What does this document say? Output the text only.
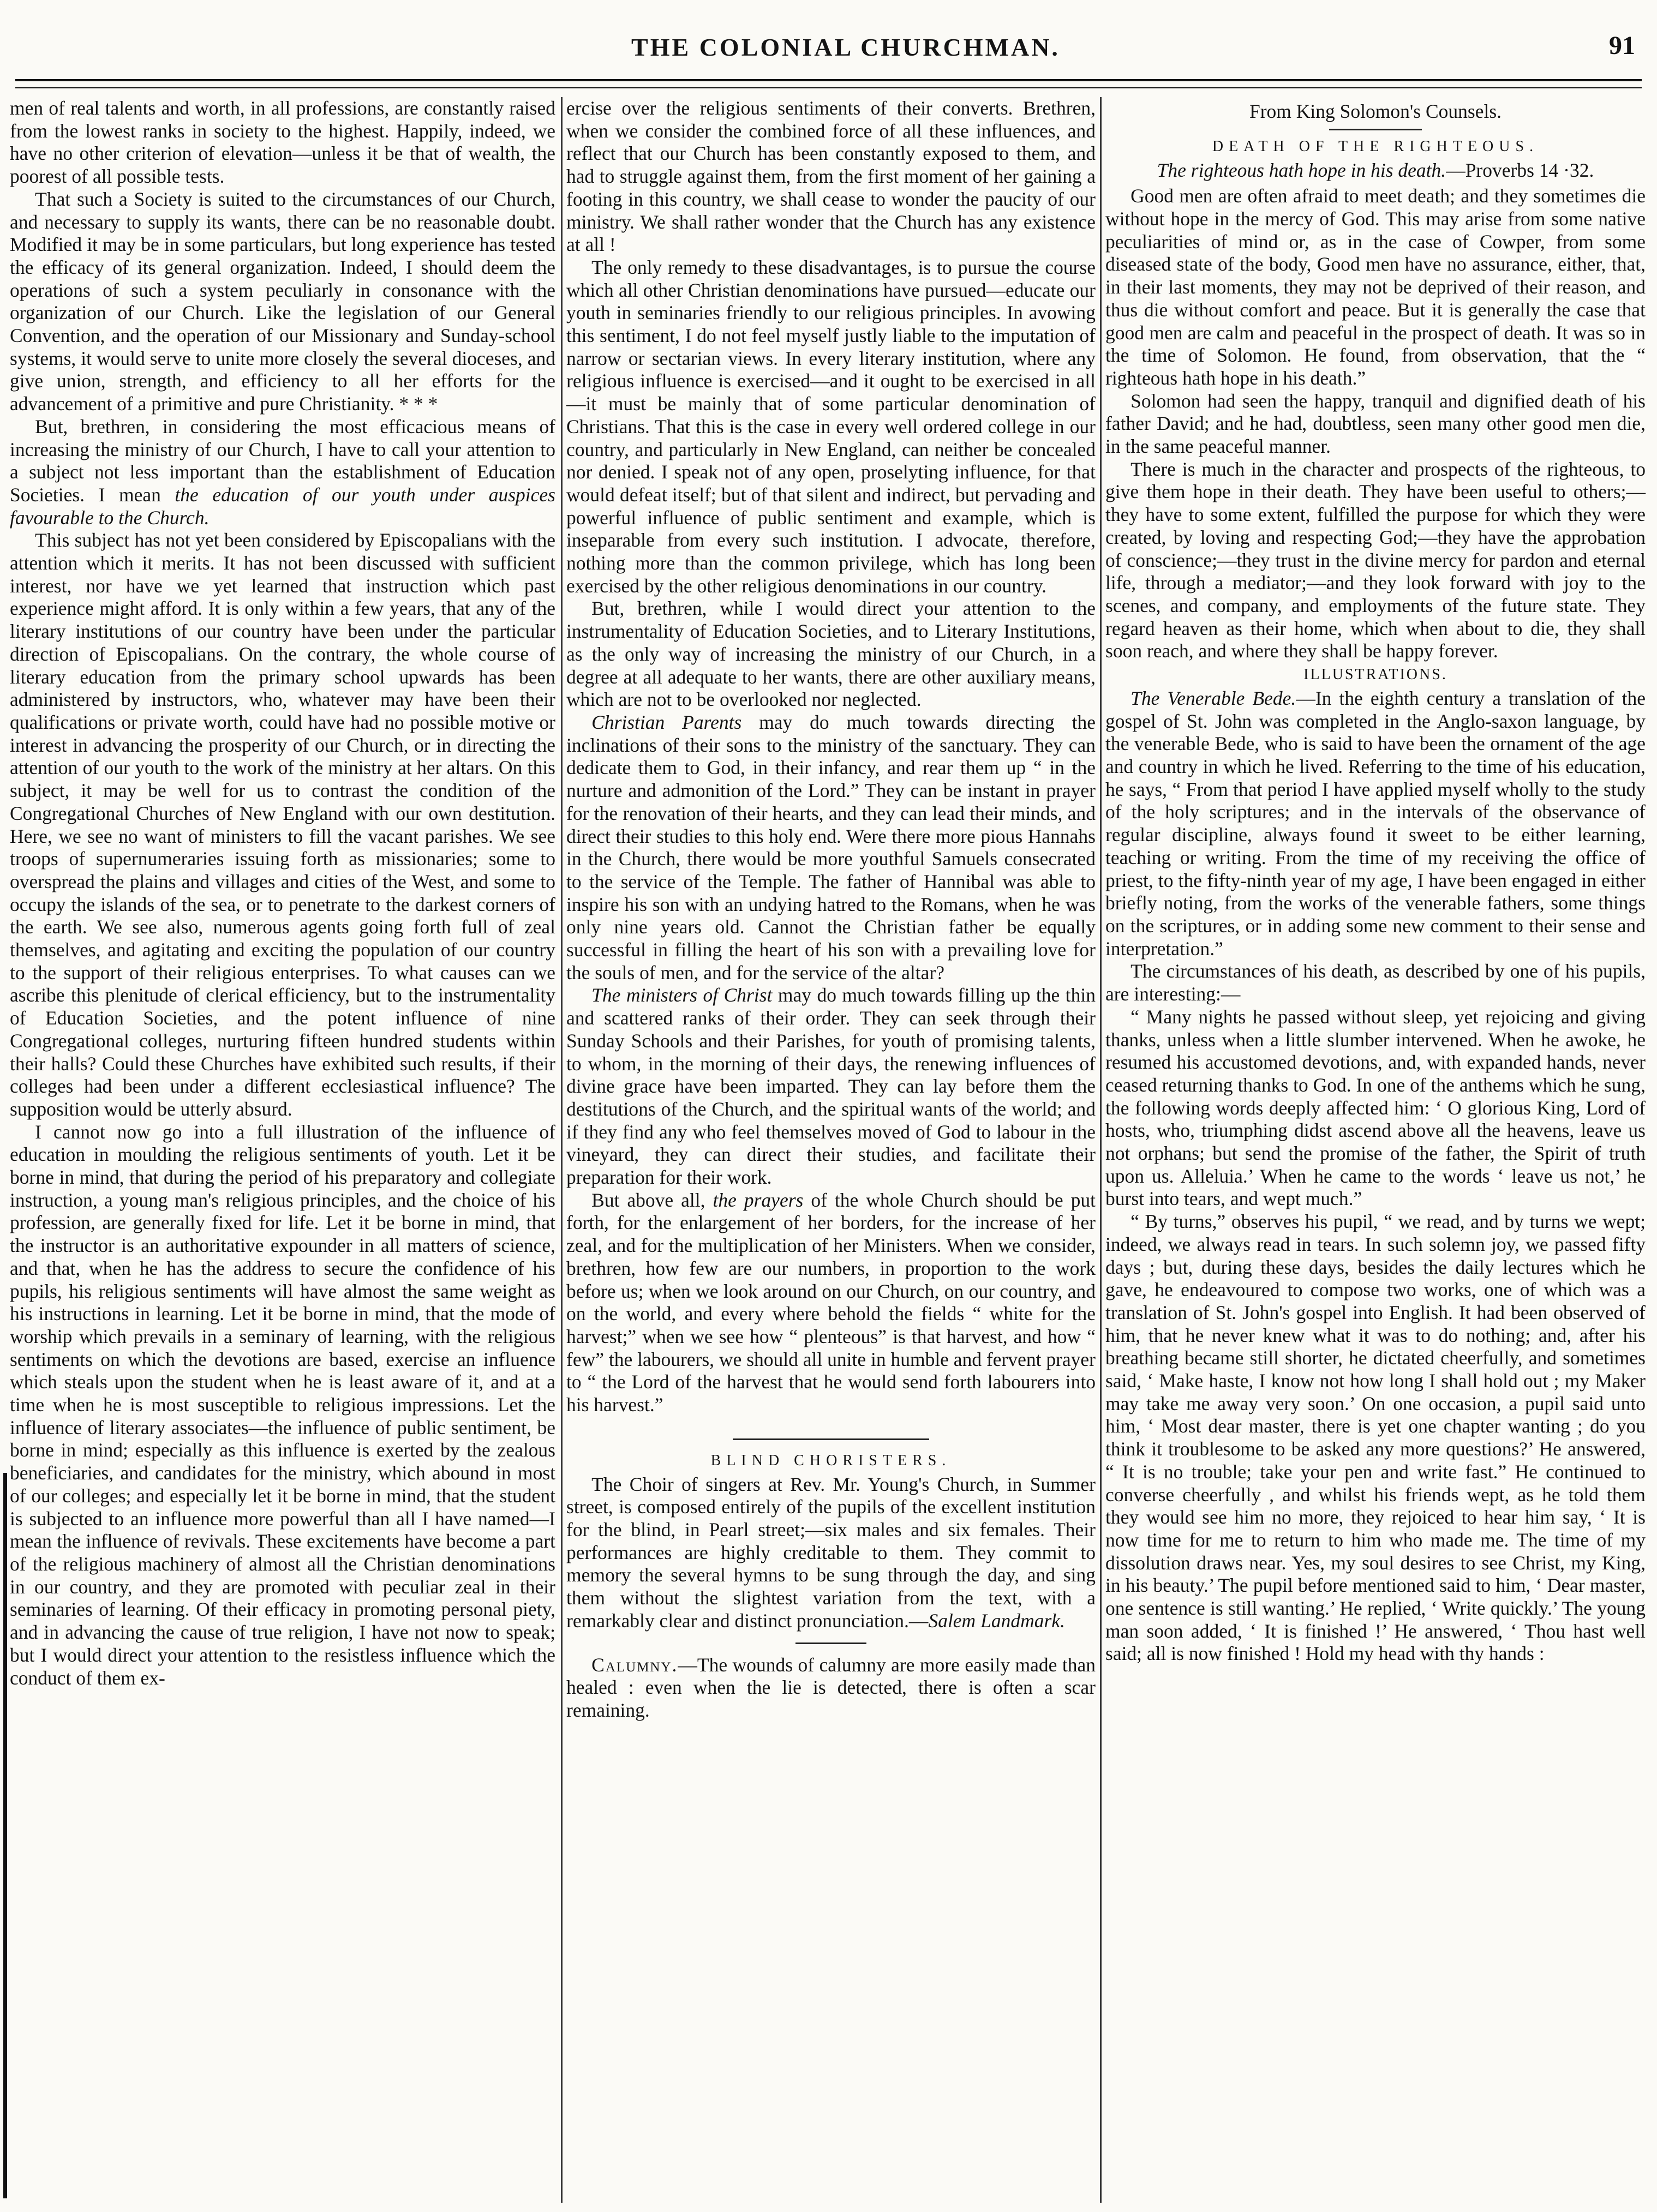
THE COLONIAL CHURCHMAN.	91

men of real talents and worth, in all professions, are constantly raised from the lowest ranks in society to the highest. Happily, indeed, we have no other criterion of elevation—unless it be that of wealth, the poorest of all possible tests.

That such a Society is suited to the circumstances of our Church, and necessary to supply its wants, there can be no reasonable doubt. Modified it may be in some particulars, but long experience has tested the efficacy of its general organization. Indeed, I should deem the operations of such a system peculiarly in consonance with the organization of our Church. Like the legislation of our General Convention, and the operation of our Missionary and Sunday-school systems, it would serve to unite more closely the several dioceses, and give union, strength, and efficiency to all her efforts for the advancement of a primitive and pure Christianity. * * *

But, brethren, in considering the most efficacious means of increasing the ministry of our Church, I have to call your attention to a subject not less important than the establishment of Education Societies. I mean the education of our youth under auspices favourable to the Church.

This subject has not yet been considered by Episcopalians with the attention which it merits. It has not been discussed with sufficient interest, nor have we yet learned that instruction which past experience might afford. It is only within a few years, that any of the literary institutions of our country have been under the particular direction of Episcopalians. On the contrary, the whole course of literary education from the primary school upwards has been administered by instructors, who, whatever may have been their qualifications or private worth, could have had no possible motive or interest in advancing the prosperity of our Church, or in directing the attention of our youth to the work of the ministry at her altars. On this subject, it may be well for us to contrast the condition of the Congregational Churches of New England with our own destitution. Here, we see no want of ministers to fill the vacant parishes. We see troops of supernumeraries issuing forth as missionaries; some to overspread the plains and villages and cities of the West, and some to occupy the islands of the sea, or to penetrate to the darkest corners of the earth. We see also, numerous agents going forth full of zeal themselves, and agitating and exciting the population of our country to the support of their religious enterprises. To what causes can we ascribe this plenitude of clerical efficiency, but to the instrumentality of Education Societies, and the potent influence of nine Congregational colleges, nurturing fifteen hundred students within their halls? Could these Churches have exhibited such results, if their colleges had been under a different ecclesiastical influence? The supposition would be utterly absurd.

I cannot now go into a full illustration of the influence of education in moulding the religious sentiments of youth. Let it be borne in mind, that during the period of his preparatory and collegiate instruction, a young man's religious principles, and the choice of his profession, are generally fixed for life. Let it be borne in mind, that the instructor is an authoritative expounder in all matters of science, and that, when he has the address to secure the confidence of his pupils, his religious sentiments will have almost the same weight as his instructions in learning. Let it be borne in mind, that the mode of worship which prevails in a seminary of learning, with the religious sentiments on which the devotions are based, exercise an influence which steals upon the student when he is least aware of it, and at a time when he is most susceptible to religious impressions. Let the influence of literary associates—the influence of public sentiment, be borne in mind; especially as this influence is exerted by the zealous beneficiaries, and candidates for the ministry, which abound in most of our colleges; and especially let it be borne in mind, that the student is subjected to an influence more powerful than all I have named—I mean the influence of revivals. These excitements have become a part of the religious machinery of almost all the Christian denominations in our country, and they are promoted with peculiar zeal in their seminaries of learning. Of their efficacy in promoting personal piety, and in advancing the cause of true religion, I have not now to speak; but I would direct your attention to the resistless influence which the conduct of them ex-

ercise over the religious sentiments of their converts. Brethren, when we consider the combined force of all these influences, and reflect that our Church has been constantly exposed to them, and had to struggle against them, from the first moment of her gaining a footing in this country, we shall cease to wonder the paucity of our ministry. We shall rather wonder that the Church has any existence at all !

The only remedy to these disadvantages, is to pursue the course which all other Christian denominations have pursued—educate our youth in seminaries friendly to our religious principles. In avowing this sentiment, I do not feel myself justly liable to the imputation of narrow or sectarian views. In every literary institution, where any religious influence is exercised—and it ought to be exercised in all—it must be mainly that of some particular denomination of Christians. That this is the case in every well ordered college in our country, and particularly in New England, can neither be concealed nor denied. I speak not of any open, proselyting influence, for that would defeat itself; but of that silent and indirect, but pervading and powerful influence of public sentiment and example, which is inseparable from every such institution. I advocate, therefore, nothing more than the common privilege, which has long been exercised by the other religious denominations in our country.

But, brethren, while I would direct your attention to the instrumentality of Education Societies, and to Literary Institutions, as the only way of increasing the ministry of our Church, in a degree at all adequate to her wants, there are other auxiliary means, which are not to be overlooked nor neglected.

Christian Parents may do much towards directing the inclinations of their sons to the ministry of the sanctuary. They can dedicate them to God, in their infancy, and rear them up “ in the nurture and admonition of the Lord.” They can be instant in prayer for the renovation of their hearts, and they can lead their minds, and direct their studies to this holy end. Were there more pious Hannahs in the Church, there would be more youthful Samuels consecrated to the service of the Temple. The father of Hannibal was able to inspire his son with an undying hatred to the Romans, when he was only nine years old. Cannot the Christian father be equally successful in filling the heart of his son with a prevailing love for the souls of men, and for the service of the altar?

The ministers of Christ may do much towards filling up the thin and scattered ranks of their order. They can seek through their Sunday Schools and their Parishes, for youth of promising talents, to whom, in the morning of their days, the renewing influences of divine grace have been imparted. They can lay before them the destitutions of the Church, and the spiritual wants of the world; and if they find any who feel themselves moved of God to labour in the vineyard, they can direct their studies, and facilitate their preparation for their work.

But above all, the prayers of the whole Church should be put forth, for the enlargement of her borders, for the increase of her zeal, and for the multiplication of her Ministers. When we consider, brethren, how few are our numbers, in proportion to the work before us; when we look around on our Church, on our country, and on the world, and every where behold the fields “ white for the harvest;” when we see how “ plenteous” is that harvest, and how “ few” the labourers, we should all unite in humble and fervent prayer to “ the Lord of the harvest that he would send forth labourers into his harvest.”

BLIND CHORISTERS.

The Choir of singers at Rev. Mr. Young's Church, in Summer street, is composed entirely of the pupils of the excellent institution for the blind, in Pearl street;—six males and six females. Their performances are highly creditable to them. They commit to memory the several hymns to be sung through the day, and sing them without the slightest variation from the text, with a remarkably clear and distinct pronunciation.—Salem Landmark.

Calumny.—The wounds of calumny are more easily made than healed : even when the lie is detected, there is often a scar remaining.

From King Solomon's Counsels.

DEATH OF THE RIGHTEOUS.

The righteous hath hope in his death.—Proverbs 14 ·32.

Good men are often afraid to meet death; and they sometimes die without hope in the mercy of God. This may arise from some native peculiarities of mind or, as in the case of Cowper, from some diseased state of the body, Good men have no assurance, either, that, in their last moments, they may not be deprived of their reason, and thus die without comfort and peace. But it is generally the case that good men are calm and peaceful in the prospect of death. It was so in the time of Solomon. He found, from observation, that the “ righteous hath hope in his death.”

Solomon had seen the happy, tranquil and dignified death of his father David; and he had, doubtless, seen many other good men die, in the same peaceful manner.

There is much in the character and prospects of the righteous, to give them hope in their death. They have been useful to others;—they have to some extent, fulfilled the purpose for which they were created, by loving and respecting God;—they have the approbation of conscience;—they trust in the divine mercy for pardon and eternal life, through a mediator;—and they look forward with joy to the scenes, and company, and employments of the future state. They regard heaven as their home, which when about to die, they shall soon reach, and where they shall be happy forever.

ILLUSTRATIONS.

The Venerable Bede.—In the eighth century a translation of the gospel of St. John was completed in the Anglo-saxon language, by the venerable Bede, who is said to have been the ornament of the age and country in which he lived. Referring to the time of his education, he says, “ From that period I have applied myself wholly to the study of the holy scriptures; and in the intervals of the observance of regular discipline, always found it sweet to be either learning, teaching or writing. From the time of my receiving the office of priest, to the fifty-ninth year of my age, I have been engaged in either briefly noting, from the works of the venerable fathers, some things on the scriptures, or in adding some new comment to their sense and interpretation.”

The circumstances of his death, as described by one of his pupils, are interesting:—

“ Many nights he passed without sleep, yet rejoicing and giving thanks, unless when a little slumber intervened. When he awoke, he resumed his accustomed devotions, and, with expanded hands, never ceased returning thanks to God. In one of the anthems which he sung, the following words deeply affected him: ‘ O glorious King, Lord of hosts, who, triumphing didst ascend above all the heavens, leave us not orphans; but send the promise of the father, the Spirit of truth upon us. Alleluia.’ When he came to the words ‘ leave us not,’ he burst into tears, and wept much.”

“ By turns,” observes his pupil, “ we read, and by turns we wept; indeed, we always read in tears. In such solemn joy, we passed fifty days ; but, during these days, besides the daily lectures which he gave, he endeavoured to compose two works, one of which was a translation of St. John's gospel into English. It had been observed of him, that he never knew what it was to do nothing; and, after his breathing became still shorter, he dictated cheerfully, and sometimes said, ‘ Make haste, I know not how long I shall hold out ; my Maker may take me away very soon.’ On one occasion, a pupil said unto him, ‘ Most dear master, there is yet one chapter wanting ; do you think it troublesome to be asked any more questions?’ He answered, “ It is no trouble; take your pen and write fast.” He continued to converse cheerfully , and whilst his friends wept, as he told them they would see him no more, they rejoiced to hear him say, ‘ It is now time for me to return to him who made me. The time of my dissolution draws near. Yes, my soul desires to see Christ, my King, in his beauty.’ The pupil before mentioned said to him, ‘ Dear master, one sentence is still wanting.’ He replied, ‘ Write quickly.’ The young man soon added, ‘ It is finished !’ He answered, ‘ Thou hast well said; all is now finished ! Hold my head with thy hands :
